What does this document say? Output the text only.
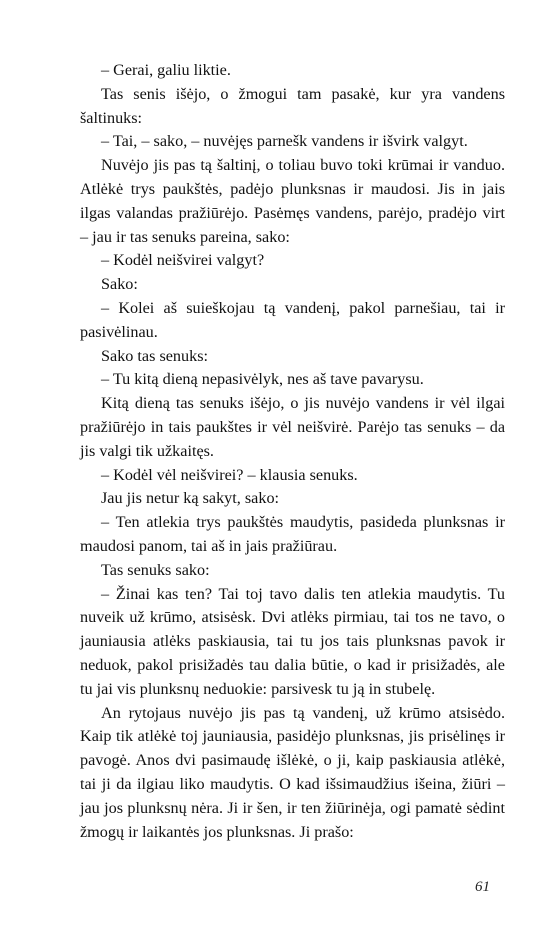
– Gerai, galiu liktie.

Tas senis išėjo, o žmogui tam pasakė, kur yra vandens šaltinuks:

– Tai, – sako, – nuvėjęs parnešk vandens ir išvirk valgyt.

Nuvėjo jis pas tą šaltinį, o toliau buvo toki krūmai ir vanduo. Atlėkė trys paukštės, padėjo plunksnas ir maudosi. Jis in jais ilgas valandas pražiūrėjo. Pasėmęs vandens, parėjo, pradėjo virt – jau ir tas senuks pareina, sako:

– Kodėl neišvirei valgyt?

Sako:

– Kolei aš suieškojau tą vandenį, pakol parnešiau, tai ir pasivėlinau.

Sako tas senuks:

– Tu kitą dieną nepasivėlyk, nes aš tave pavarysu.

Kitą dieną tas senuks išėjo, o jis nuvėjo vandens ir vėl ilgai pražiūrėjo in tais paukštes ir vėl neišvirė. Parėjo tas senuks – da jis valgi tik užkaitęs.

– Kodėl vėl neišvirei? – klausia senuks.

Jau jis netur ką sakyt, sako:

– Ten atlekia trys paukštės maudytis, pasideda plunksnas ir maudosi panom, tai aš in jais pražiūrau.

Tas senuks sako:

– Žinai kas ten? Tai toj tavo dalis ten atlekia maudytis. Tu nuveik už krūmo, atsisėsk. Dvi atlėks pirmiau, tai tos ne tavo, o jauniausia atlėks paskiausia, tai tu jos tais plunksnas pavok ir neduok, pakol prisižadės tau dalia būtie, o kad ir prisižadės, ale tu jai vis plunksnų neduokie: parsivesk tu ją in stubelę.

An rytojaus nuvėjo jis pas tą vandenį, už krūmo atsisėdo. Kaip tik atlėkė toj jauniausia, pasidėjo plunksnas, jis prisėlinęs ir pavogė. Anos dvi pasimaudę išlėkė, o ji, kaip paskiausia atlėkė, tai ji da ilgiau liko maudytis. O kad išsimaudžius išeina, žiūri – jau jos plunksnų nėra. Ji ir šen, ir ten žiūrinėja, ogi pamatė sėdint žmogų ir laikantės jos plunksnas. Ji prašo:

61
